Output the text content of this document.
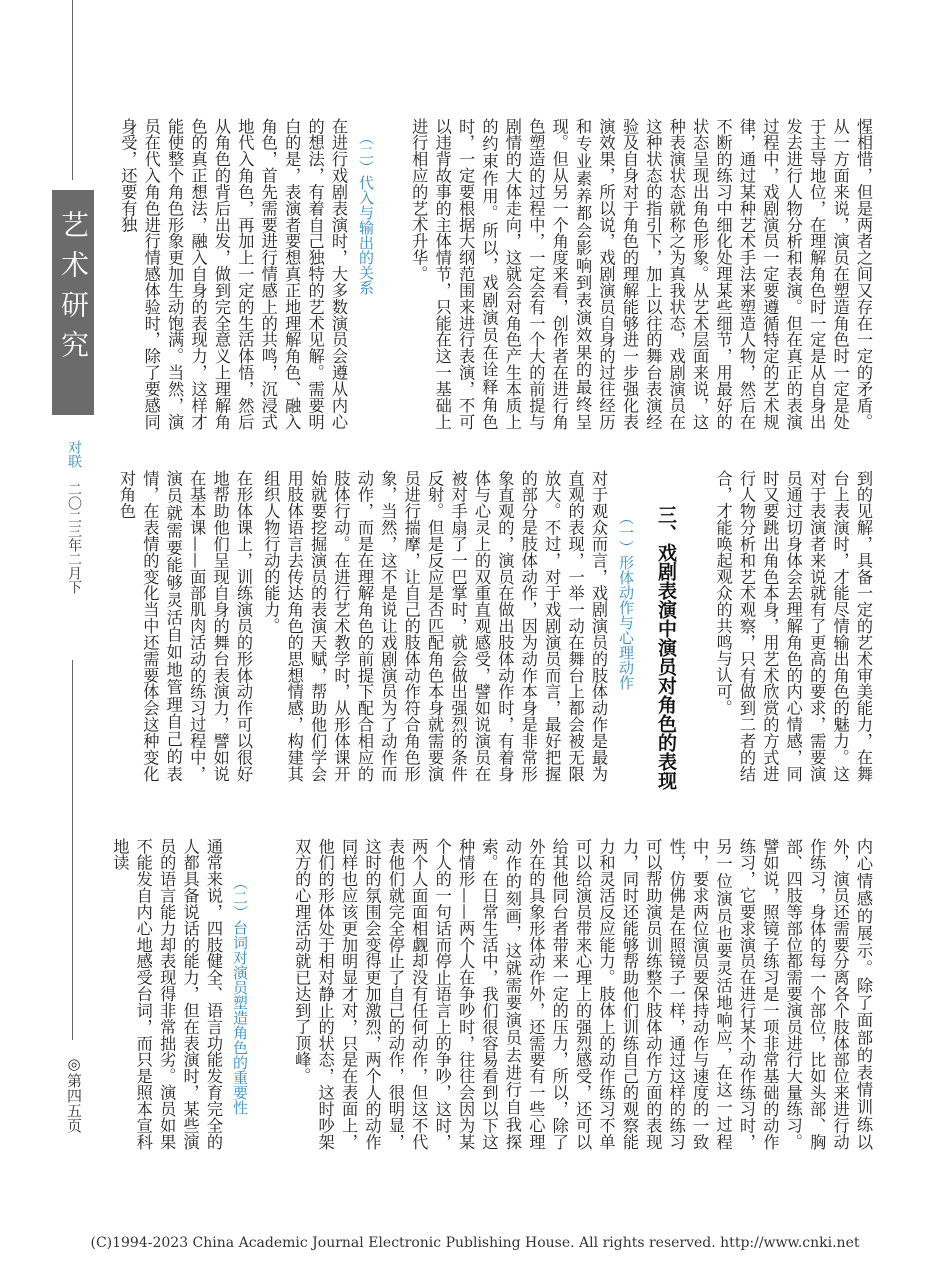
艺术研究
对联 二〇二三年二月下
◎第四五页
惺相惜，但是两者之间又存在一定的矛盾。从一方面来说，演员在塑造角色时一定是处于主导地位，在理解角色时一定是从自身出发去进行人物分析和表演。但在真正的表演过程中，戏剧演员一定要遵循特定的艺术规律，通过某种艺术手法来塑造人物，然后在不断的练习中细化处理某些细节，用最好的状态呈现出角色形象。从艺术层面来说，这种表演状态就称之为真我状态，戏剧演员在这种状态的指引下，加上以往的舞台表演经验及自身对于角色的理解能够进一步强化表演效果，所以说，戏剧演员自身的过往经历和专业素养都会影响到表演效果的最终呈现。但从另一个角度来看，创作者在进行角色塑造的过程中，一定会有一个大的前提与剧情的大体走向，这就会对角色产生本质上的约束作用。所以，戏剧演员在诠释角色时，一定要根据大纲范围来进行表演，不可以违背故事的主体情节，只能在这一基础上进行相应的艺术升华。
（二）代入与输出的关系
在进行戏剧表演时，大多数演员会遵从内心的想法，有着自己独特的艺术见解。需要明白的是，表演者要想真正地理解角色、融入角色，首先需要进行情感上的共鸣，沉浸式地代入角色，再加上一定的生活体悟，然后从角色的背后出发，做到完全意义上理解角色的真正想法，融入自身的表现力，这样才能使整个角色形象更加生动饱满。当然，演员在代入角色进行情感体验时，除了要感同身受，还要有独
到的见解，具备一定的艺术审美能力，在舞台上表演时，才能尽情输出角色的魅力。这对于表演者来说就有了更高的要求，需要演员通过切身体会去理解角色的内心情感，同时又要跳出角色本身，用艺术欣赏的方式进行人物分析和艺术观察，只有做到二者的结合，才能唤起观众的共鸣与认可。
三、戏剧表演中演员对角色的表现
（一）形体动作与心理动作
对于观众而言，戏剧演员的肢体动作是最为直观的表现，一举一动在舞台上都会被无限放大。不过，对于戏剧演员而言，最好把握的部分是肢体动作，因为动作本身是非常形象直观的，演员在做出肢体动作时，有着身体与心灵上的双重直观感受，譬如说演员在被对手扇了一巴掌时，就会做出强烈的条件反射。但是反应是否匹配角色本身就需要演员进行揣摩，让自己的肢体动作符合角色形象，当然，这不是说让戏剧演员为了动作而动作，而是在理解角色的前提下配合相应的肢体行动。在进行艺术教学时，从形体课开始就要挖掘演员的表演天赋，帮助他们学会用肢体语言去传达角色的思想情感，构建其组织人物行动的能力。
在形体课上，训练演员的形体动作可以很好地帮助他们呈现自身的舞台表演力，譬如说在基本课——面部肌肉活动的练习过程中，演员就需要能够灵活自如地管理自己的表情，在表情的变化当中还需要体会这种变化对角色
内心情感的展示。除了面部的表情训练以外，演员还需要分离各个肢体部位来进行动作练习，身体的每一个部位，比如头部、胸部、四肢等部位都需要演员进行大量练习。譬如说，照镜子练习是一项非常基础的动作练习，它要求演员在进行某个动作练习时，另一位演员也要灵活地响应，在这一过程中，要求两位演员要保持动作与速度的一致性，仿佛是在照镜子一样，通过这样的练习可以帮助演员训练整个肢体动作方面的表现力，同时还能够帮助他们训练自己的观察能力和灵活反应能力。肢体上的动作练习不单可以给演员带来心理上的强烈感受，还可以给其他同台者带来一定的压力，所以，除了外在的具象形体动作外，还需要有一些心理动作的刻画，这就需要演员去进行自我探索。在日常生活中，我们很容易看到以下这种情形——两个人在争吵时，往往会因为某个人的一句话而停止语言上的争吵，这时，两个人面面相觑却没有任何动作，但这不代表他们就完全停止了自己的动作，很明显，这时的氛围会变得更加激烈，两个人的动作同样也应该更加明显才对，只是在表面上，他们的形体处于相对静止的状态，这时吵架双方的心理活动就已达到了顶峰。
（二）台词对演员塑造角色的重要性
通常来说，四肢健全、语言功能发育完全的人都具备说话的能力，但在表演时，某些演员的语言能力却表现得非常拙劣。演员如果不能发自内心地感受台词，而只是照本宣科地读
(C)1994-2023 China Academic Journal Electronic Publishing House. All rights reserved. http://www.cnki.net
